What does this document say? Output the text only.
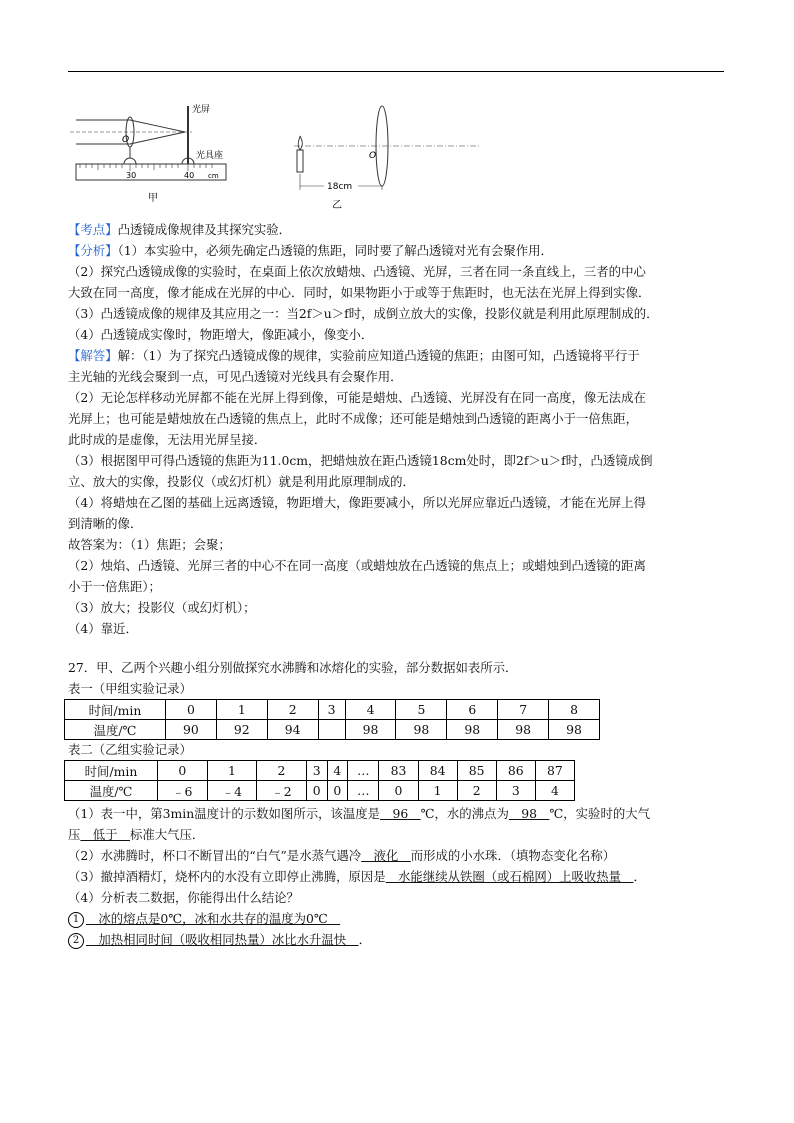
O
光屏
光具座
30	40 cm
甲
O
18cm
乙
【考点】凸透镜成像规律及其探究实验．
【分析】（1）本实验中，必须先确定凸透镜的焦距，同时要了解凸透镜对光有会聚作用．
（2）探究凸透镜成像的实验时，在桌面上依次放蜡烛、凸透镜、光屏，三者在同一条直线上，三者的中心
大致在同一高度，像才能成在光屏的中心．同时，如果物距小于或等于焦距时，也无法在光屏上得到实像．
（3）凸透镜成像的规律及其应用之一：当2f＞u＞f时，成倒立放大的实像，投影仪就是利用此原理制成的．
（4）凸透镜成实像时，物距增大，像距减小，像变小．
【解答】解：（1）为了探究凸透镜成像的规律，实验前应知道凸透镜的焦距；由图可知，凸透镜将平行于
主光轴的光线会聚到一点，可见凸透镜对光线具有会聚作用．
（2）无论怎样移动光屏都不能在光屏上得到像，可能是蜡烛、凸透镜、光屏没有在同一高度，像无法成在
光屏上；也可能是蜡烛放在凸透镜的焦点上，此时不成像；还可能是蜡烛到凸透镜的距离小于一倍焦距，
此时成的是虚像，无法用光屏呈接．
（3）根据图甲可得凸透镜的焦距为11.0cm，把蜡烛放在距凸透镜18cm处时，即2f＞u＞f时，凸透镜成倒
立、放大的实像，投影仪（或幻灯机）就是利用此原理制成的．
（4）将蜡烛在乙图的基础上远离透镜，物距增大，像距要减小，所以光屏应靠近凸透镜，才能在光屏上得
到清晰的像．
故答案为：（1）焦距；会聚；
（2）烛焰、凸透镜、光屏三者的中心不在同一高度（或蜡烛放在凸透镜的焦点上；或蜡烛到凸透镜的距离
小于一倍焦距）；
（3）放大；投影仪（或幻灯机）；
（4）靠近．
27．甲、乙两个兴趣小组分别做探究水沸腾和冰熔化的实验，部分数据如表所示．
表一（甲组实验记录）
时间/min	0	1	2	3	4	5	6	7	8
温度/℃	90	92	94		98	98	98	98	98
表二（乙组实验记录）
时间/min	0	1	2	3	4	…	83	84	85	86	87
温度/℃	﹣6	﹣4	﹣2	0	0	…	0	1	2	3	4
（1）表一中，第3min温度计的示数如图所示，该温度是　96　℃，水的沸点为　98　℃，实验时的大气
压　低于　标准大气压．
（2）水沸腾时，杯口不断冒出的“白气”是水蒸气遇冷　液化　而形成的小水珠．（填物态变化名称）
（3）撤掉酒精灯，烧杯内的水没有立即停止沸腾，原因是　水能继续从铁圈（或石棉网）上吸收热量　．
（4）分析表二数据，你能得出什么结论？
1　冰的熔点是0℃，冰和水共存的温度为0℃　
2　加热相同时间（吸收相同热量）冰比水升温快　．
